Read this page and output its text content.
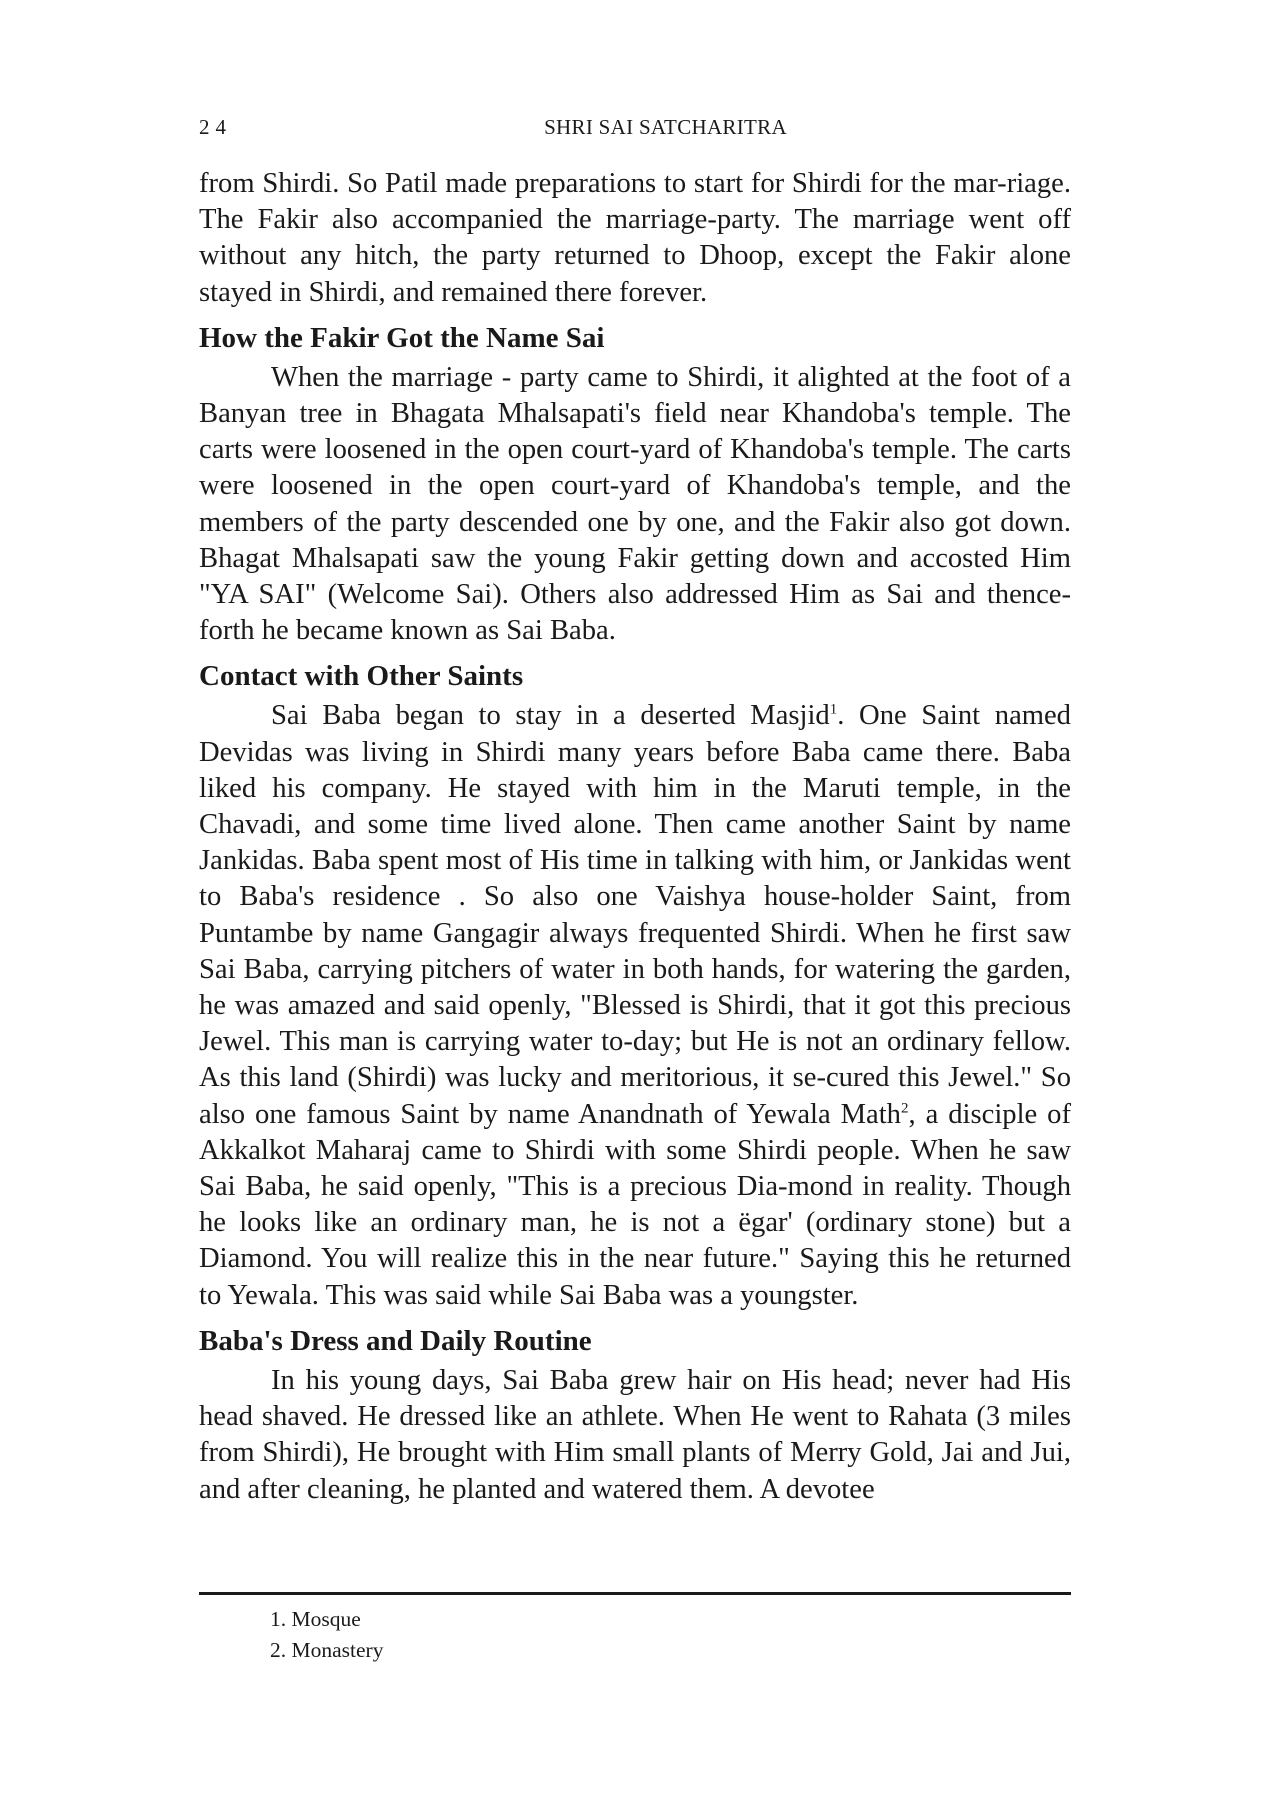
24	SHRI SAI SATCHARITRA

from Shirdi. So Patil made preparations to start for Shirdi for the mar-riage. The Fakir also accompanied the marriage-party. The marriage went off without any hitch, the party returned to Dhoop, except the Fakir alone stayed in Shirdi, and remained there forever.

How the Fakir Got the Name Sai

When the marriage - party came to Shirdi, it alighted at the foot of a Banyan tree in Bhagata Mhalsapati's field near Khandoba's temple. The carts were loosened in the open court-yard of Khandoba's temple. The carts were loosened in the open court-yard of Khandoba's temple, and the members of the party descended one by one, and the Fakir also got down. Bhagat Mhalsapati saw the young Fakir getting down and accosted Him "YA SAI" (Welcome Sai). Others also addressed Him as Sai and thence-forth he became known as Sai Baba.

Contact with Other Saints

Sai Baba began to stay in a deserted Masjid$^1$. One Saint named Devidas was living in Shirdi many years before Baba came there. Baba liked his company. He stayed with him in the Maruti temple, in the Chavadi, and some time lived alone. Then came another Saint by name Jankidas. Baba spent most of His time in talking with him, or Jankidas went to Baba's residence . So also one Vaishya house-holder Saint, from Puntambe by name Gangagir always frequented Shirdi. When he first saw Sai Baba, carrying pitchers of water in both hands, for watering the garden, he was amazed and said openly, "Blessed is Shirdi, that it got this precious Jewel. This man is carrying water to-day; but He is not an ordinary fellow. As this land (Shirdi) was lucky and meritorious, it se-cured this Jewel." So also one famous Saint by name Anandnath of Yewala Math$^2$, a disciple of Akkalkot Maharaj came to Shirdi with some Shirdi people. When he saw Sai Baba, he said openly, "This is a precious Dia-mond in reality. Though he looks like an ordinary man, he is not a ëgar' (ordinary stone) but a Diamond. You will realize this in the near future." Saying this he returned to Yewala. This was said while Sai Baba was a youngster.

Baba's Dress and Daily Routine

In his young days, Sai Baba grew hair on His head; never had His head shaved. He dressed like an athlete. When He went to Rahata (3 miles from Shirdi), He brought with Him small plants of Merry Gold, Jai and Jui, and after cleaning, he planted and watered them. A devotee

1. Mosque
2. Monastery
